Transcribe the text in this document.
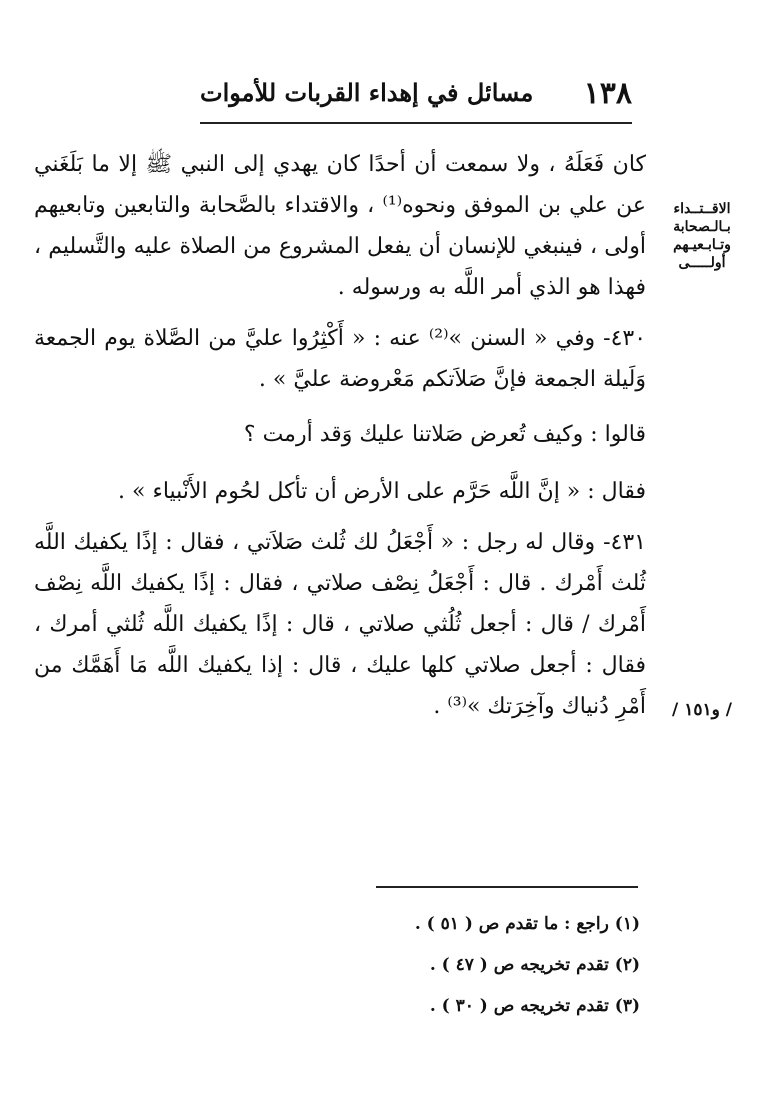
١٣٨
مسائل في إهداء القربات للأموات
الاقــتــداء
بـالـصحابة
وتـابـعيـهم
أولـــــى
/ و١٥١ /
كان فَعَلَهُ ، ولا سمعت أن أحدًا كان يهدي إلى النبي ﷺ إلا ما بَلَغَني عن علي بن الموفق ونحوه⁽¹⁾ ، والاقتداء بالصَّحابة والتابعين وتابعيهم أولى ، فينبغي للإنسان أن يفعل المشروع من الصلاة عليه والتَّسليم ، فهذا هو الذي أمر اللَّه به ورسوله .
٤٣٠-وفي « السنن »⁽²⁾ عنه : « أَكْثِرُوا عليَّ من الصَّلاة يوم الجمعة وَلَيلة الجمعة فإنَّ صَلاَتكم مَعْروضة عليَّ » .
قالوا : وكيف تُعرض صَلاتنا عليك وَقد أرمت ؟
فقال : « إنَّ اللَّه حَرَّم على الأرض أن تأكل لحُوم الأَنْبياء » .
٤٣١-وقال له رجل : « أَجْعَلُ لك ثُلث صَلاَتي ، فقال : إذًا يكفيك اللَّه ثُلث أَمْرك . قال : أَجْعَلُ نِصْف صلاتي ، فقال : إذًا يكفيك اللَّه نِصْف أَمْرك / قال : أجعل ثُلُثي صلاتي ، قال : إذًا يكفيك اللَّه ثُلثي أمرك ، فقال : أجعل صلاتي كلها عليك ، قال : إذا يكفيك اللَّه مَا أَهَمَّك من أَمْرِ دُنياك وآخِرَتك »⁽³⁾ .
(١) راجع : ما تقدم ص ( ٥١ ) .
(٢) تقدم تخريجه ص ( ٤٧ ) .
(٣) تقدم تخريجه ص ( ٣٠ ) .
